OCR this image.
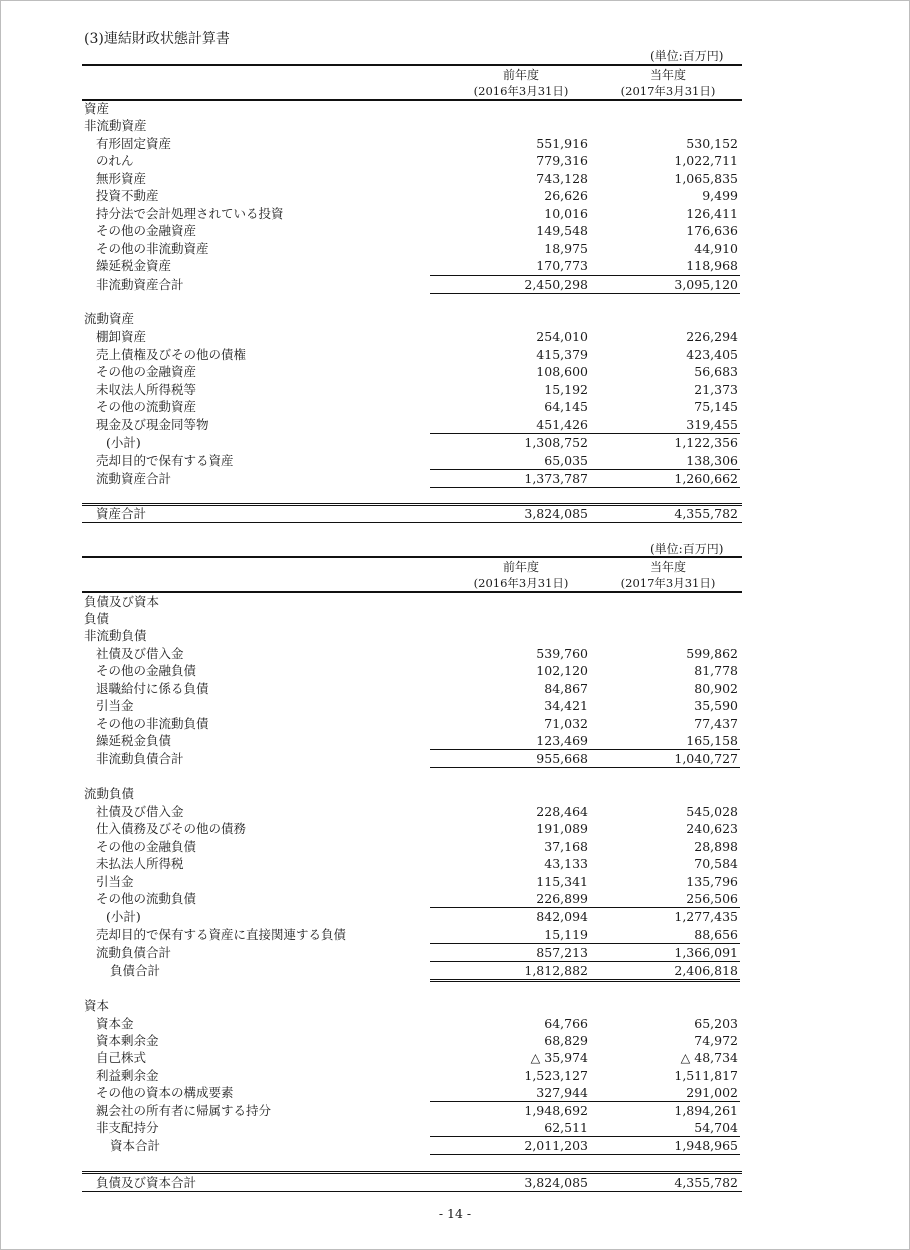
(3)連結財政状態計算書
(単位:百万円)
前年度
(2016年3月31日)
当年度
(2017年3月31日)
資産
非流動資産
有形固定資産	551,916	530,152
のれん	779,316	1,022,711
無形資産	743,128	1,065,835
投資不動産	26,626	9,499
持分法で会計処理されている投資	10,016	126,411
その他の金融資産	149,548	176,636
その他の非流動資産	18,975	44,910
繰延税金資産	170,773	118,968
非流動資産合計	2,450,298	3,095,120
流動資産
棚卸資産	254,010	226,294
売上債権及びその他の債権	415,379	423,405
その他の金融資産	108,600	56,683
未収法人所得税等	15,192	21,373
その他の流動資産	64,145	75,145
現金及び現金同等物	451,426	319,455
(小計)	1,308,752	1,122,356
売却目的で保有する資産	65,035	138,306
流動資産合計	1,373,787	1,260,662
資産合計	3,824,085	4,355,782
(単位:百万円)
前年度
(2016年3月31日)
当年度
(2017年3月31日)
負債及び資本
負債
非流動負債
社債及び借入金	539,760	599,862
その他の金融負債	102,120	81,778
退職給付に係る負債	84,867	80,902
引当金	34,421	35,590
その他の非流動負債	71,032	77,437
繰延税金負債	123,469	165,158
非流動負債合計	955,668	1,040,727
流動負債
社債及び借入金	228,464	545,028
仕入債務及びその他の債務	191,089	240,623
その他の金融負債	37,168	28,898
未払法人所得税	43,133	70,584
引当金	115,341	135,796
その他の流動負債	226,899	256,506
(小計)	842,094	1,277,435
売却目的で保有する資産に直接関連する負債	15,119	88,656
流動負債合計	857,213	1,366,091
負債合計	1,812,882	2,406,818
資本
資本金	64,766	65,203
資本剰余金	68,829	74,972
自己株式	△ 35,974	△ 48,734
利益剰余金	1,523,127	1,511,817
その他の資本の構成要素	327,944	291,002
親会社の所有者に帰属する持分	1,948,692	1,894,261
非支配持分	62,511	54,704
資本合計	2,011,203	1,948,965
負債及び資本合計	3,824,085	4,355,782
- 14 -
